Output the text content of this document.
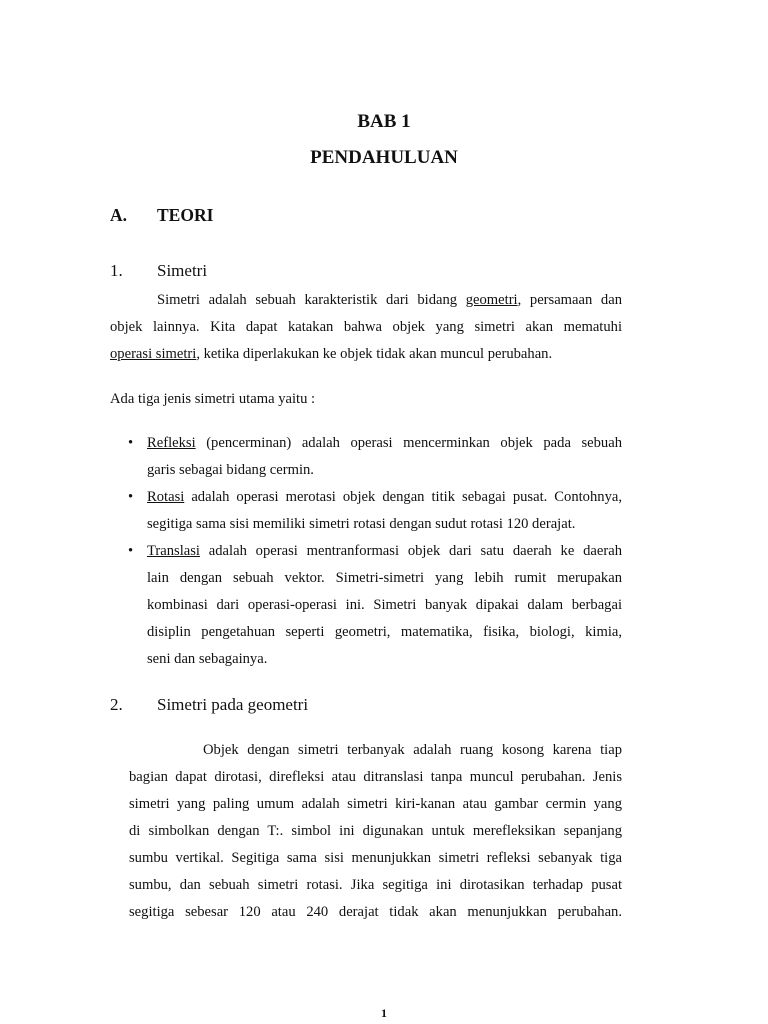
BAB 1
PENDAHULUAN
A. TEORI
1. Simetri
Simetri adalah sebuah karakteristik dari bidang geometri, persamaan dan
objek lainnya. Kita dapat katakan bahwa objek yang simetri akan mematuhi
operasi simetri, ketika diperlakukan ke objek tidak akan muncul perubahan.
Ada tiga jenis simetri utama yaitu :
• Refleksi (pencerminan) adalah operasi mencerminkan objek pada sebuah
garis sebagai bidang cermin.
• Rotasi adalah operasi merotasi objek dengan titik sebagai pusat. Contohnya,
segitiga sama sisi memiliki simetri rotasi dengan sudut rotasi 120 derajat.
• Translasi adalah operasi mentranformasi objek dari satu daerah ke daerah
lain dengan sebuah vektor. Simetri-simetri yang lebih rumit merupakan
kombinasi dari operasi-operasi ini. Simetri banyak dipakai dalam berbagai
disiplin pengetahuan seperti geometri, matematika, fisika, biologi, kimia,
seni dan sebagainya.
2. Simetri pada geometri
Objek dengan simetri terbanyak adalah ruang kosong karena tiap
bagian dapat dirotasi, direfleksi atau ditranslasi tanpa muncul perubahan. Jenis
simetri yang paling umum adalah simetri kiri-kanan atau gambar cermin yang
di simbolkan dengan T:. simbol ini digunakan untuk merefleksikan sepanjang
sumbu vertikal. Segitiga sama sisi menunjukkan simetri refleksi sebanyak tiga
sumbu, dan sebuah simetri rotasi. Jika segitiga ini dirotasikan terhadap pusat
segitiga sebesar 120 atau 240 derajat tidak akan menunjukkan perubahan.
1
